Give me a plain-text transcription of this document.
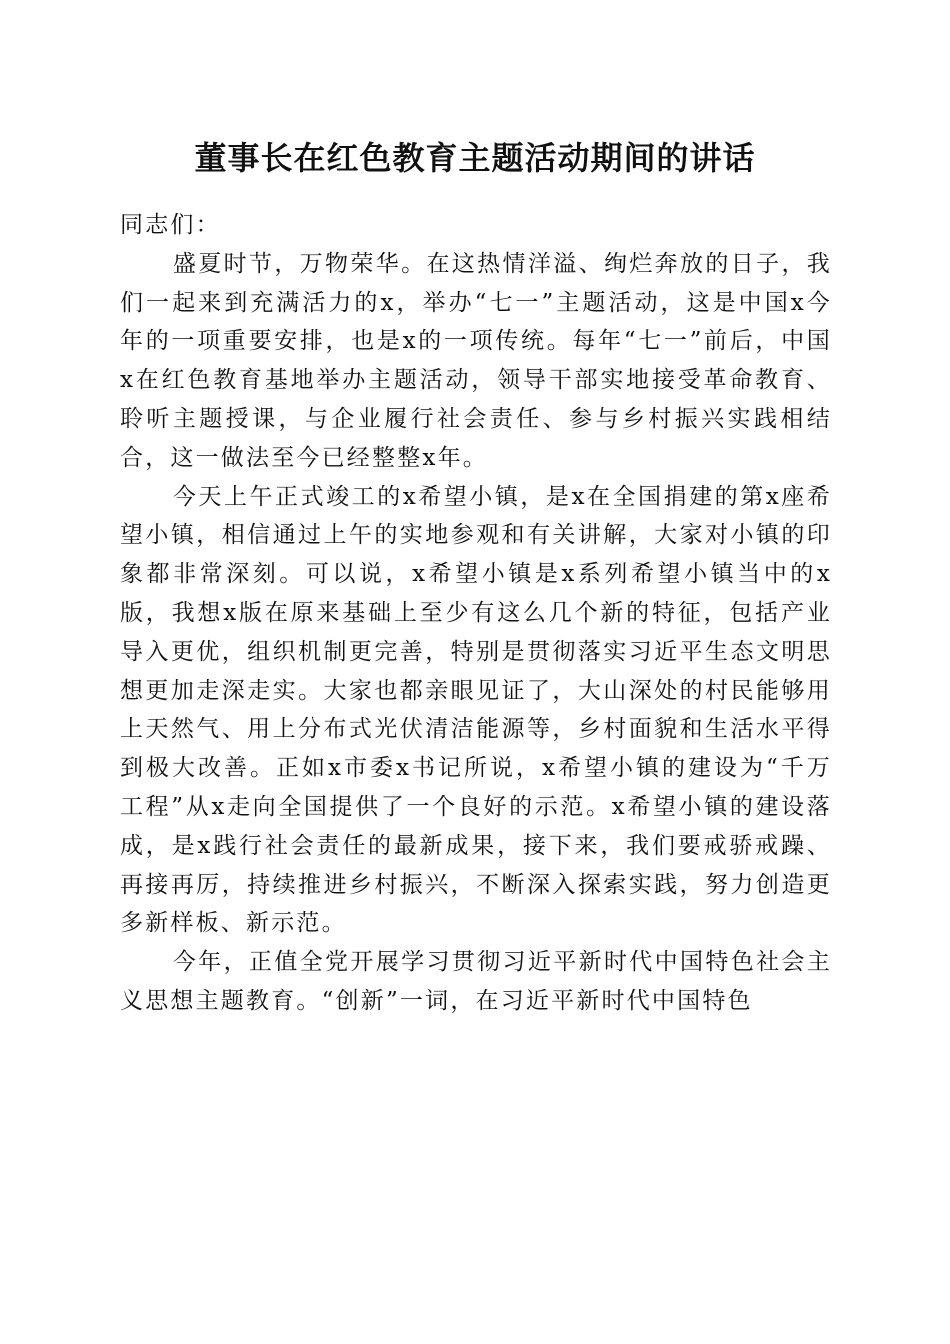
董事长在红色教育主题活动期间的讲话

同志们：

盛夏时节，万物荣华。在这热情洋溢、绚烂奔放的日子，我们一起来到充满活力的x，举办“七一”主题活动，这是中国x今年的一项重要安排，也是x的一项传统。每年“七一”前后，中国x在红色教育基地举办主题活动，领导干部实地接受革命教育、聆听主题授课，与企业履行社会责任、参与乡村振兴实践相结合，这一做法至今已经整整x年。

今天上午正式竣工的x希望小镇，是x在全国捐建的第x座希望小镇，相信通过上午的实地参观和有关讲解，大家对小镇的印象都非常深刻。可以说，x希望小镇是x系列希望小镇当中的x版，我想x版在原来基础上至少有这么几个新的特征，包括产业导入更优，组织机制更完善，特别是贯彻落实习近平生态文明思想更加走深走实。大家也都亲眼见证了，大山深处的村民能够用上天然气、用上分布式光伏清洁能源等，乡村面貌和生活水平得到极大改善。正如x市委x书记所说，x希望小镇的建设为“千万工程”从x走向全国提供了一个良好的示范。x希望小镇的建设落成，是x践行社会责任的最新成果，接下来，我们要戒骄戒躁、再接再厉，持续推进乡村振兴，不断深入探索实践，努力创造更多新样板、新示范。

今年，正值全党开展学习贯彻习近平新时代中国特色社会主义思想主题教育。“创新”一词，在习近平新时代中国特色
